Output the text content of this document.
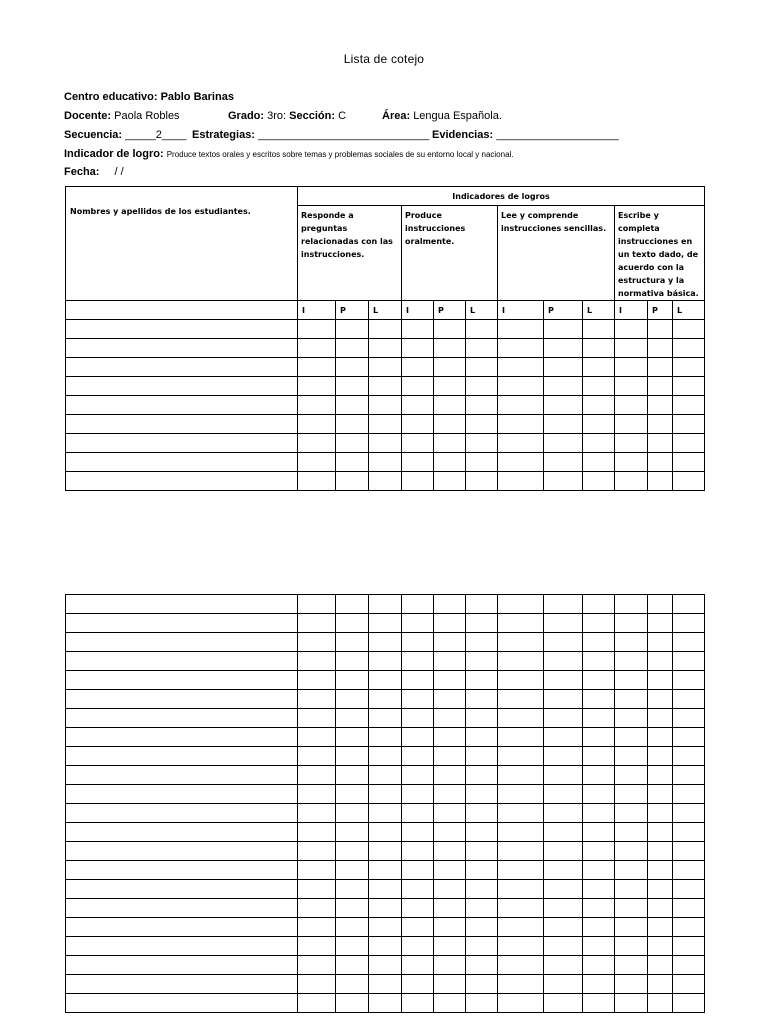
Lista de cotejo
Centro educativo: Pablo Barinas
Docente: Paola Robles	Grado: 3ro: Sección: C	Área: Lengua Española.
Secuencia: _____2____ Estrategias: ____________________________ Evidencias: ____________________
Indicador de logro: Produce textos orales y escritos sobre temas y problemas sociales de su entorno local y nacional.
Fecha: / /
Nombres y apellidos de los estudiantes.	Indicadores de logros											
	Responde a preguntas relacionadas con las instrucciones.			Produce instrucciones oralmente.			Lee y comprende instrucciones sencillas.			Escribe y completa instrucciones en un texto dado, de acuerdo con la estructura y la normativa básica.		
	I	P	L	I	P	L	I	P	L	I	P	L
